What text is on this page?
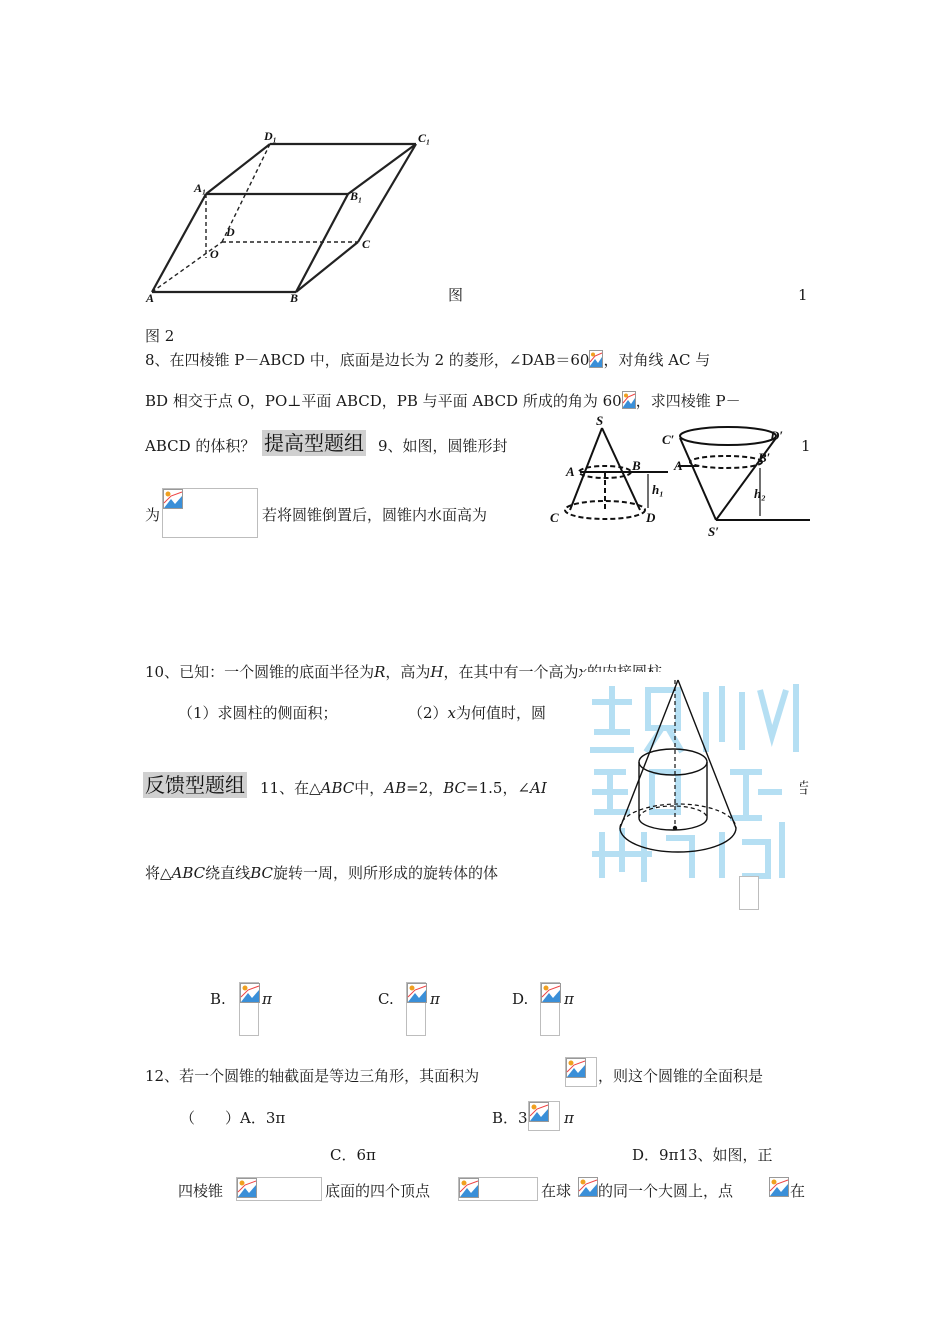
D₁	C₁
A₁
B₁
D
C
O
A	B	图	1
图 2
8、在四棱锥 P－ABCD 中，底面是边长为 2 的菱形，∠DAB＝60 ，对角线 AC 与
BD 相交于点 O，PO⊥平面 ABCD，PB 与平面 ABCD 所成的角为 60 ，求四棱锥 P－
ABCD 的体积？ 提高型题组 9、如图，圆锥形封	1
S
A	B
h₁
C	D
C′	D′
A
B′
h₂
S′
为	若将圆锥倒置后，圆锥内水面高为
10、已知：一个圆锥的底面半径为R，高为H，在其中有一个高为x的内接圆柱.
（1）求圆柱的侧面积；	（2）x为何值时，圆
反馈型题组 11、在△ABC中，AB=2，BC=1.5，∠AI	若
将△ABC绕直线BC旋转一周，则所形成的旋转体的体
B. π	C. π	D. π
12、若一个圆锥的轴截面是等边三角形，其面积为	，则这个圆锥的全面积是
（　　）A．3π	B．3 π
C．6π	D．9π13、如图，正
四棱锥	底面的四个顶点	在球 的同一个大圆上，点	在
